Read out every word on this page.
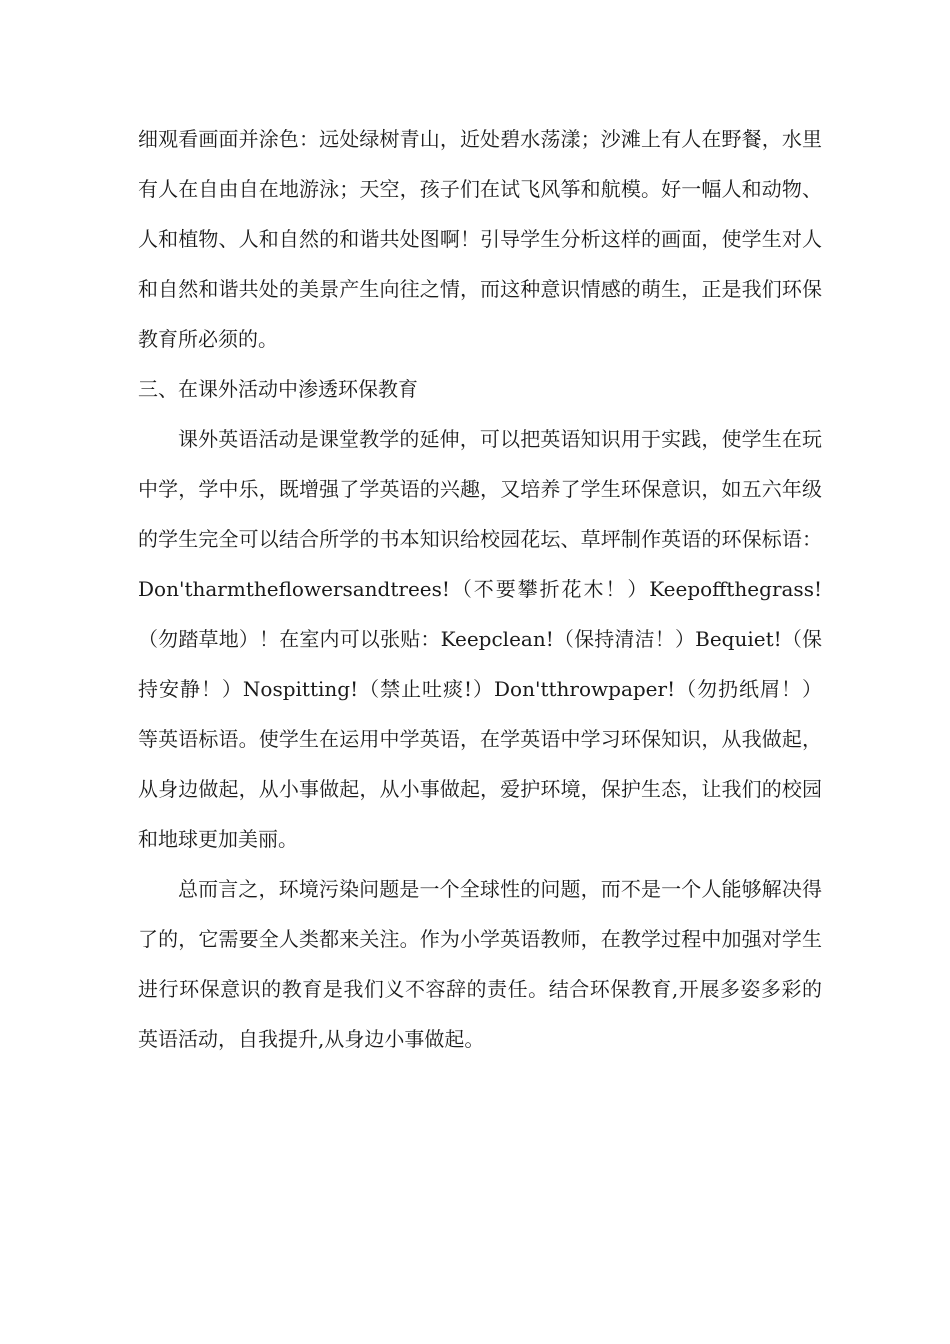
细观看画面并涂色：远处绿树青山，近处碧水荡漾；沙滩上有人在野餐，水里有人在自由自在地游泳；天空，孩子们在试飞风筝和航模。好一幅人和动物、人和植物、人和自然的和谐共处图啊！引导学生分析这样的画面，使学生对人和自然和谐共处的美景产生向往之情，而这种意识情感的萌生，正是我们环保教育所必须的。

三、在课外活动中渗透环保教育

课外英语活动是课堂教学的延伸，可以把英语知识用于实践，使学生在玩中学，学中乐，既增强了学英语的兴趣，又培养了学生环保意识，如五六年级的学生完全可以结合所学的书本知识给校园花坛、草坪制作英语的环保标语：Don'tharmtheflowersandtrees!（不要攀折花木！）Keepoffthegrass!（勿踏草地）！在室内可以张贴：Keepclean!（保持清洁！）Bequiet!（保持安静！）Nospitting!（禁止吐痰!）Don'tthrowpaper!（勿扔纸屑！）等英语标语。使学生在运用中学英语，在学英语中学习环保知识，从我做起，从身边做起，从小事做起，从小事做起，爱护环境，保护生态，让我们的校园和地球更加美丽。

总而言之，环境污染问题是一个全球性的问题，而不是一个人能够解决得了的，它需要全人类都来关注。作为小学英语教师，在教学过程中加强对学生进行环保意识的教育是我们义不容辞的责任。结合环保教育,开展多姿多彩的英语活动，自我提升,从身边小事做起。
